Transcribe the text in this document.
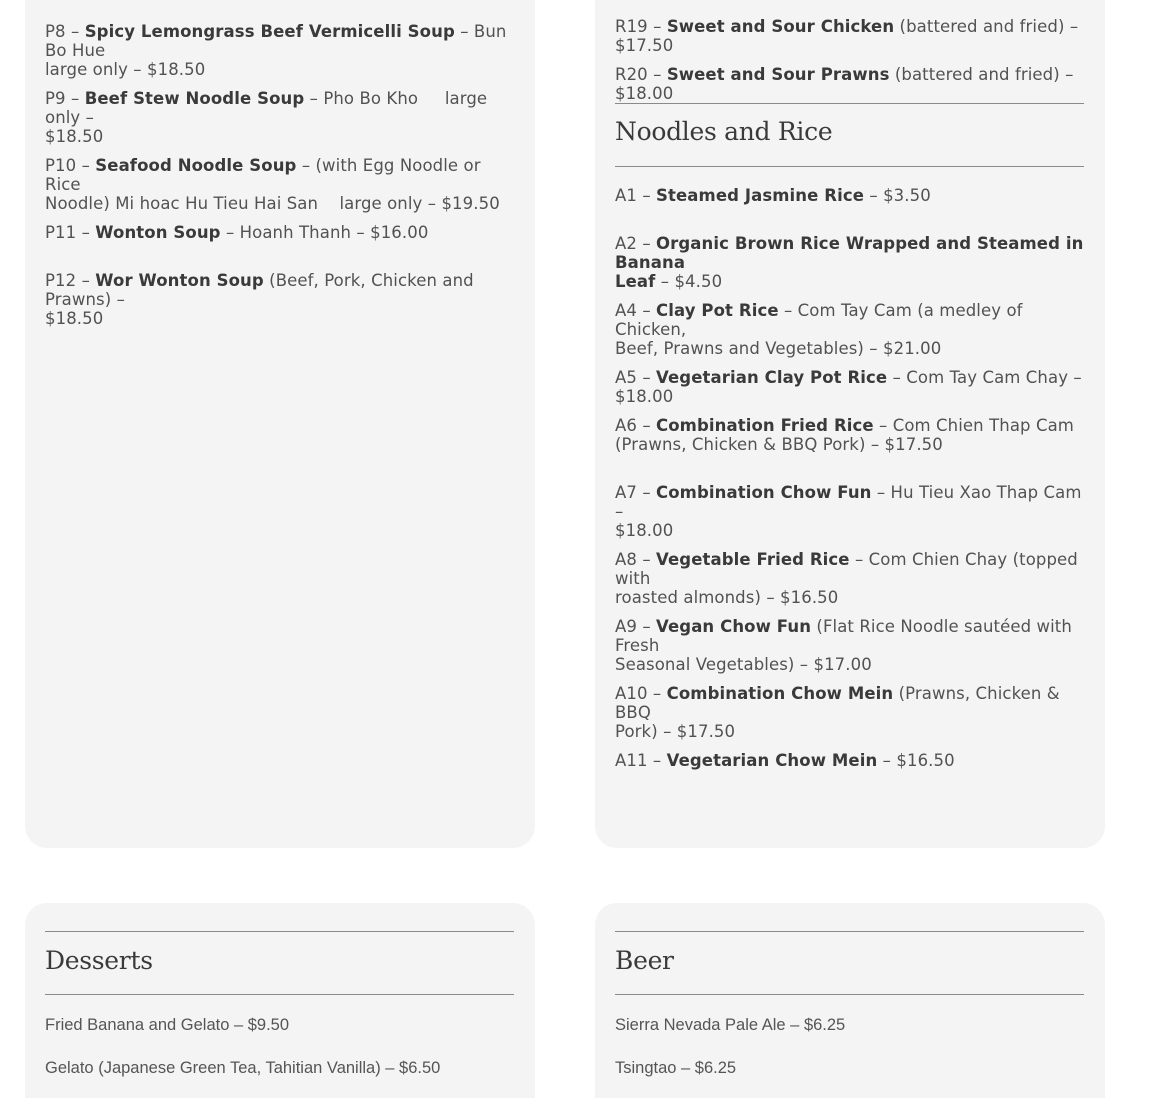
P8 – Spicy Lemongrass Beef Vermicelli Soup – Bun Bo Hue
large only – $18.50
P9 – Beef Stew Noodle Soup – Pho Bo Kho     large only –
$18.50
P10 – Seafood Noodle Soup – (with Egg Noodle or Rice
Noodle) Mi hoac Hu Tieu Hai San    large only – $19.50
P11 – Wonton Soup – Hoanh Thanh – $16.00
P12 – Wor Wonton Soup (Beef, Pork, Chicken and Prawns) –
$18.50
R19 – Sweet and Sour Chicken (battered and fried) – $17.50
R20 – Sweet and Sour Prawns (battered and fried) – $18.00
Noodles and Rice
A1 – Steamed Jasmine Rice – $3.50
A2 – Organic Brown Rice Wrapped and Steamed in Banana
Leaf – $4.50
A4 – Clay Pot Rice – Com Tay Cam (a medley of Chicken,
Beef, Prawns and Vegetables) – $21.00
A5 – Vegetarian Clay Pot Rice – Com Tay Cam Chay – $18.00
A6 – Combination Fried Rice – Com Chien Thap Cam
(Prawns, Chicken & BBQ Pork) – $17.50
A7 – Combination Chow Fun – Hu Tieu Xao Thap Cam –
$18.00
A8 – Vegetable Fried Rice – Com Chien Chay (topped with
roasted almonds) – $16.50
A9 – Vegan Chow Fun (Flat Rice Noodle sautéed with Fresh
Seasonal Vegetables) – $17.00
A10 – Combination Chow Mein (Prawns, Chicken & BBQ
Pork) – $17.50
A11 – Vegetarian Chow Mein – $16.50
Desserts
Fried Banana and Gelato – $9.50
Gelato (Japanese Green Tea, Tahitian Vanilla) – $6.50
Beer
Sierra Nevada Pale Ale – $6.25
Tsingtao – $6.25
